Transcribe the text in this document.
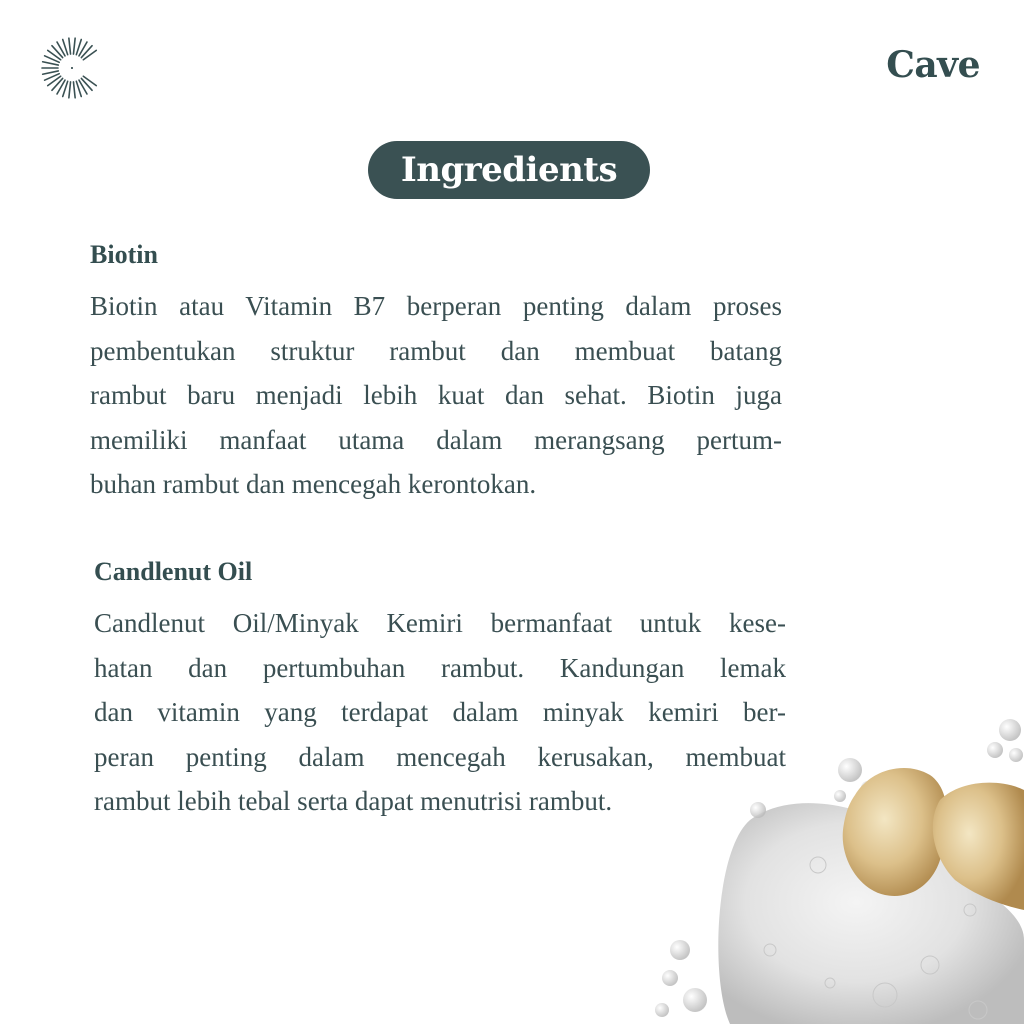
Cave
Ingredients
Biotin

Biotin atau Vitamin B7 berperan penting dalam proses
pembentukan struktur rambut dan membuat batang
rambut baru menjadi lebih kuat dan sehat. Biotin juga
memiliki manfaat utama dalam merangsang pertum-
buhan rambut dan mencegah kerontokan.

Candlenut Oil

Candlenut Oil/Minyak Kemiri bermanfaat untuk kese-
hatan dan pertumbuhan rambut. Kandungan lemak
dan vitamin yang terdapat dalam minyak kemiri ber-
peran penting dalam mencegah kerusakan, membuat
rambut lebih tebal serta dapat menutrisi rambut.
